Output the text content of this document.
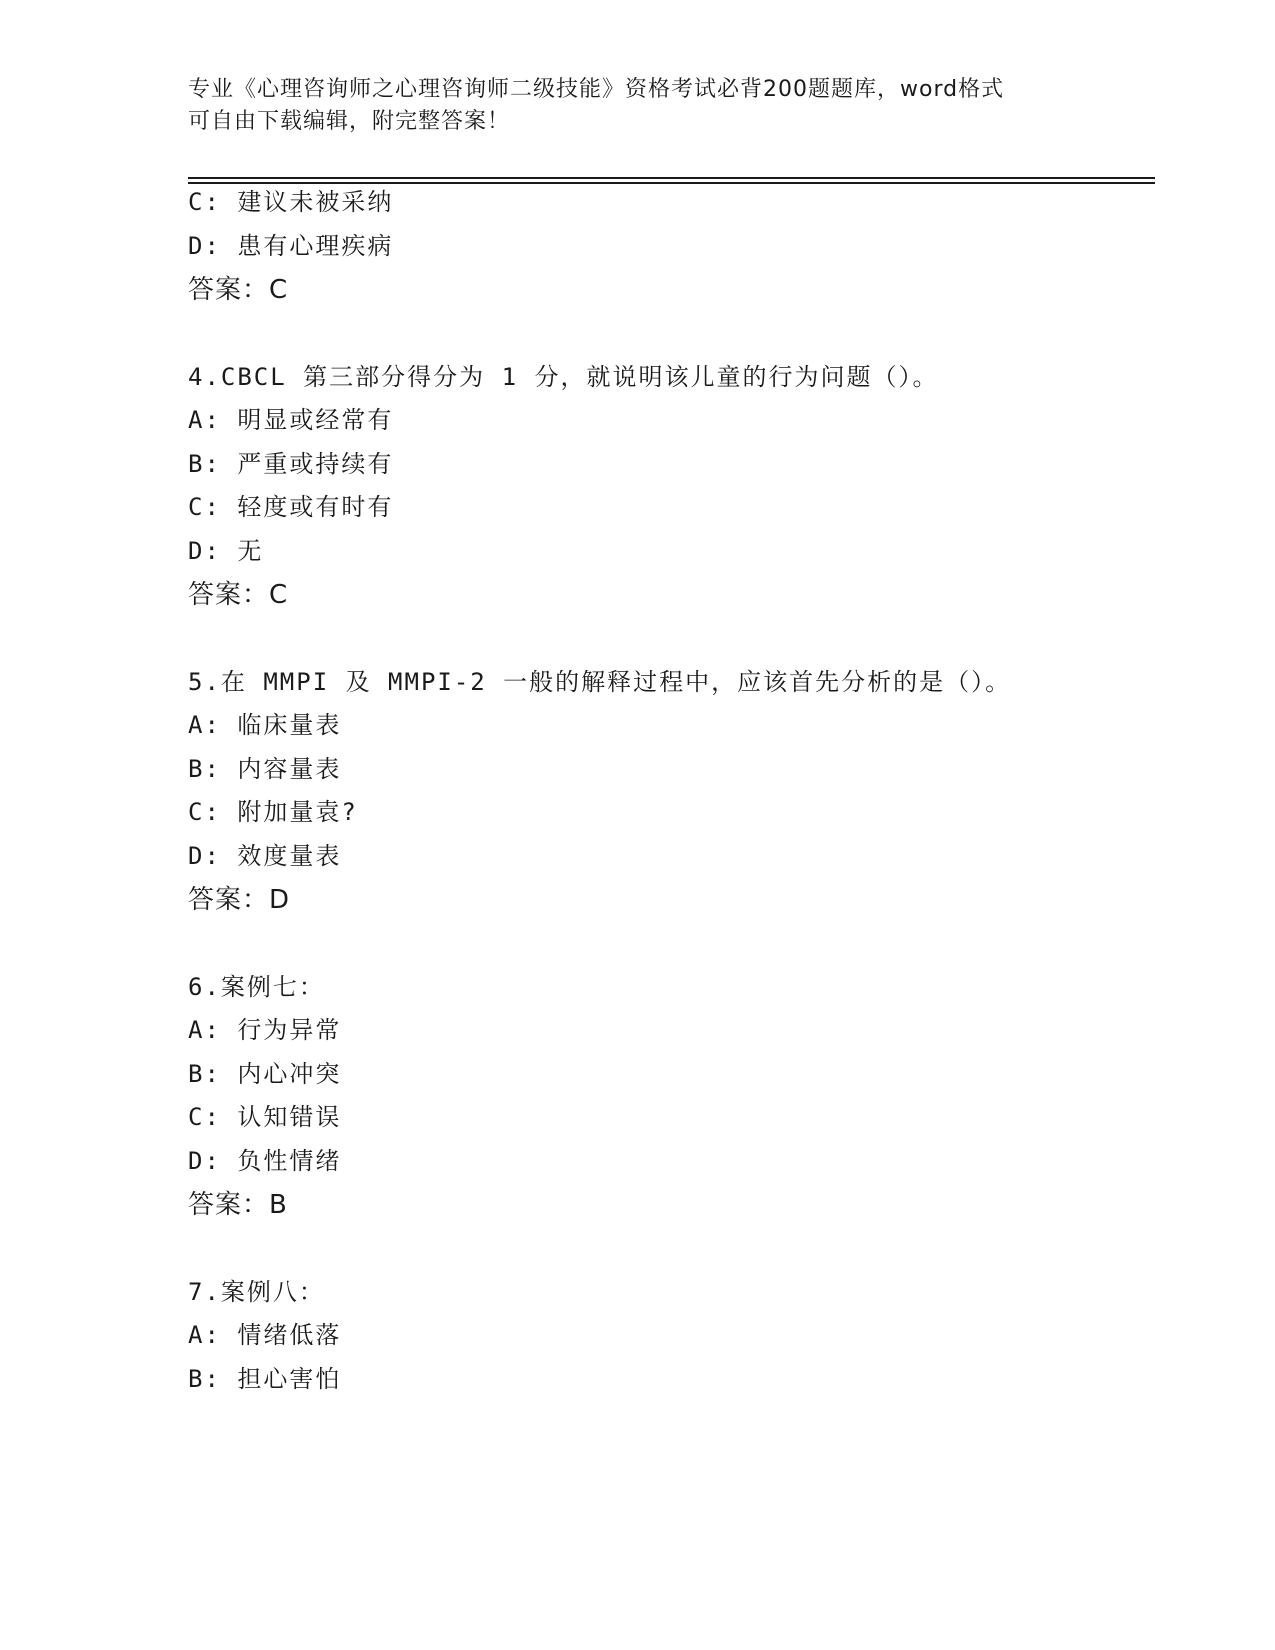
专业《心理咨询师之心理咨询师二级技能》资格考试必背200题题库，word格式
可自由下载编辑，附完整答案！
C: 建议未被采纳
D: 患有心理疾病
答案：C
4.CBCL 第三部分得分为 1 分，就说明该儿童的行为问题（）。
A: 明显或经常有
B: 严重或持续有
C: 轻度或有时有
D: 无
答案：C
5.在 MMPI 及 MMPI-2 一般的解释过程中，应该首先分析的是（）。
A: 临床量表
B: 内容量表
C: 附加量袁?
D: 效度量表
答案：D
6.案例七：
A: 行为异常
B: 内心冲突
C: 认知错误
D: 负性情绪
答案：B
7.案例八：
A: 情绪低落
B: 担心害怕
